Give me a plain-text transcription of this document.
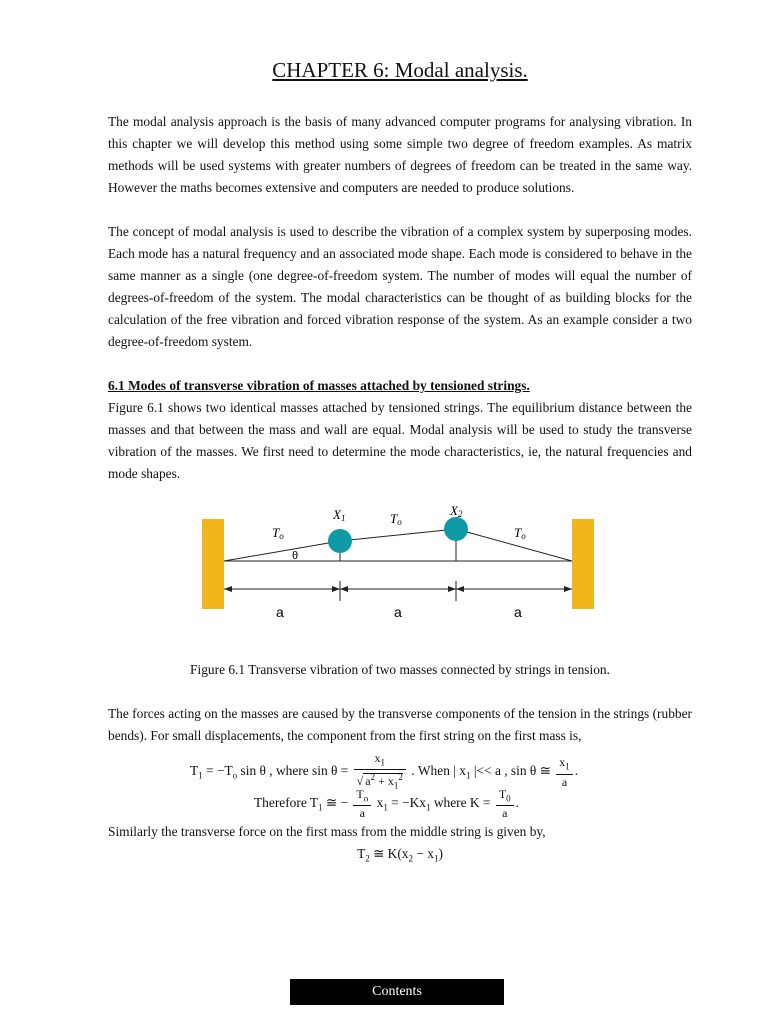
CHAPTER 6: Modal analysis.

The modal analysis approach is the basis of many advanced computer programs for analysing vibration. In this chapter we will develop this method using some simple two degree of freedom examples. As matrix methods will be used systems with greater numbers of degrees of freedom can be treated in the same way. However the maths becomes extensive and computers are needed to produce solutions.

The concept of modal analysis is used to describe the vibration of a complex system by superposing modes. Each mode has a natural frequency and an associated mode shape. Each mode is considered to behave in the same manner as a single (one degree-of-freedom system. The number of modes will equal the number of degrees-of-freedom of the system. The modal characteristics can be thought of as building blocks for the calculation of the free vibration and forced vibration response of the system. As an example consider a two degree-of-freedom system.

6.1 Modes of transverse vibration of masses attached by tensioned strings.

Figure 6.1 shows two identical masses attached by tensioned strings. The equilibrium distance between the masses and that between the mass and wall are equal. Modal analysis will be used to study the transverse vibration of the masses. We first need to determine the mode characteristics, ie, the natural frequencies and mode shapes.

X1	X2
To
To
To
θ
a	a	a
Figure 6.1 Transverse vibration of two masses connected by strings in tension.

The forces acting on the masses are caused by the transverse components of the tension in the strings (rubber bends). For small displacements, the component from the first string on the first mass is,

$T_1 = -T_o$ sin θ , where $\sin \theta = \frac{x_1}{√ a^2 + x_1^2}$ . When | $x_1$ |<< a , sin θ ≅ $\frac{x_1}{a}$ .
Therefore $T_1$ ≅ − $\frac{T_o}{a} x_1 = -Kx_1$ where $K = \frac{T_0}{a}$ .

Similarly the transverse force on the first mass from the middle string is given by,

$T_2$ ≅ $K(x_2 - x_1)$
Contents
